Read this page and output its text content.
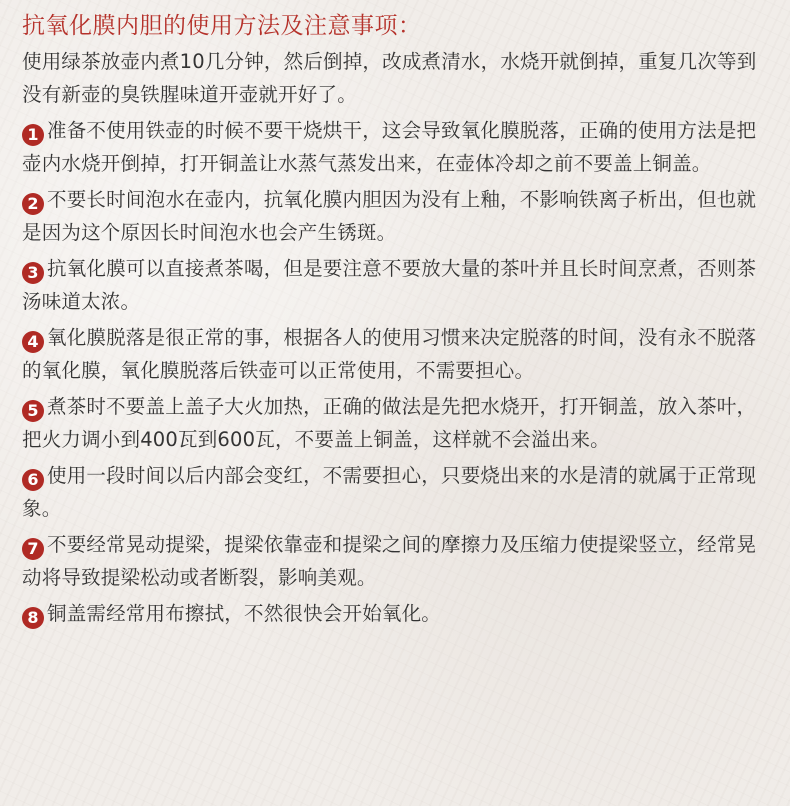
抗氧化膜内胆的使用方法及注意事项：
使用绿茶放壶内煮10几分钟，然后倒掉，改成煮清水，水烧开就倒掉，重复几次等到没有新壶的臭铁腥味道开壶就开好了。
1 准备不使用铁壶的时候不要干烧烘干，这会导致氧化膜脱落，正确的使用方法是把壶内水烧开倒掉，打开铜盖让水蒸气蒸发出来，在壶体冷却之前不要盖上铜盖。
2 不要长时间泡水在壶内，抗氧化膜内胆因为没有上釉，不影响铁离子析出，但也就是因为这个原因长时间泡水也会产生锈斑。
3 抗氧化膜可以直接煮茶喝，但是要注意不要放大量的茶叶并且长时间烹煮，否则茶汤味道太浓。
4 氧化膜脱落是很正常的事，根据各人的使用习惯来决定脱落的时间，没有永不脱落的氧化膜，氧化膜脱落后铁壶可以正常使用，不需要担心。
5 煮茶时不要盖上盖子大火加热，正确的做法是先把水烧开，打开铜盖，放入茶叶，把火力调小到400瓦到600瓦，不要盖上铜盖，这样就不会溢出来。
6 使用一段时间以后内部会变红，不需要担心，只要烧出来的水是清的就属于正常现象。
7 不要经常晃动提梁，提梁依靠壶和提梁之间的摩擦力及压缩力使提梁竖立，经常晃动将导致提梁松动或者断裂，影响美观。
8 铜盖需经常用布擦拭，不然很快会开始氧化。
